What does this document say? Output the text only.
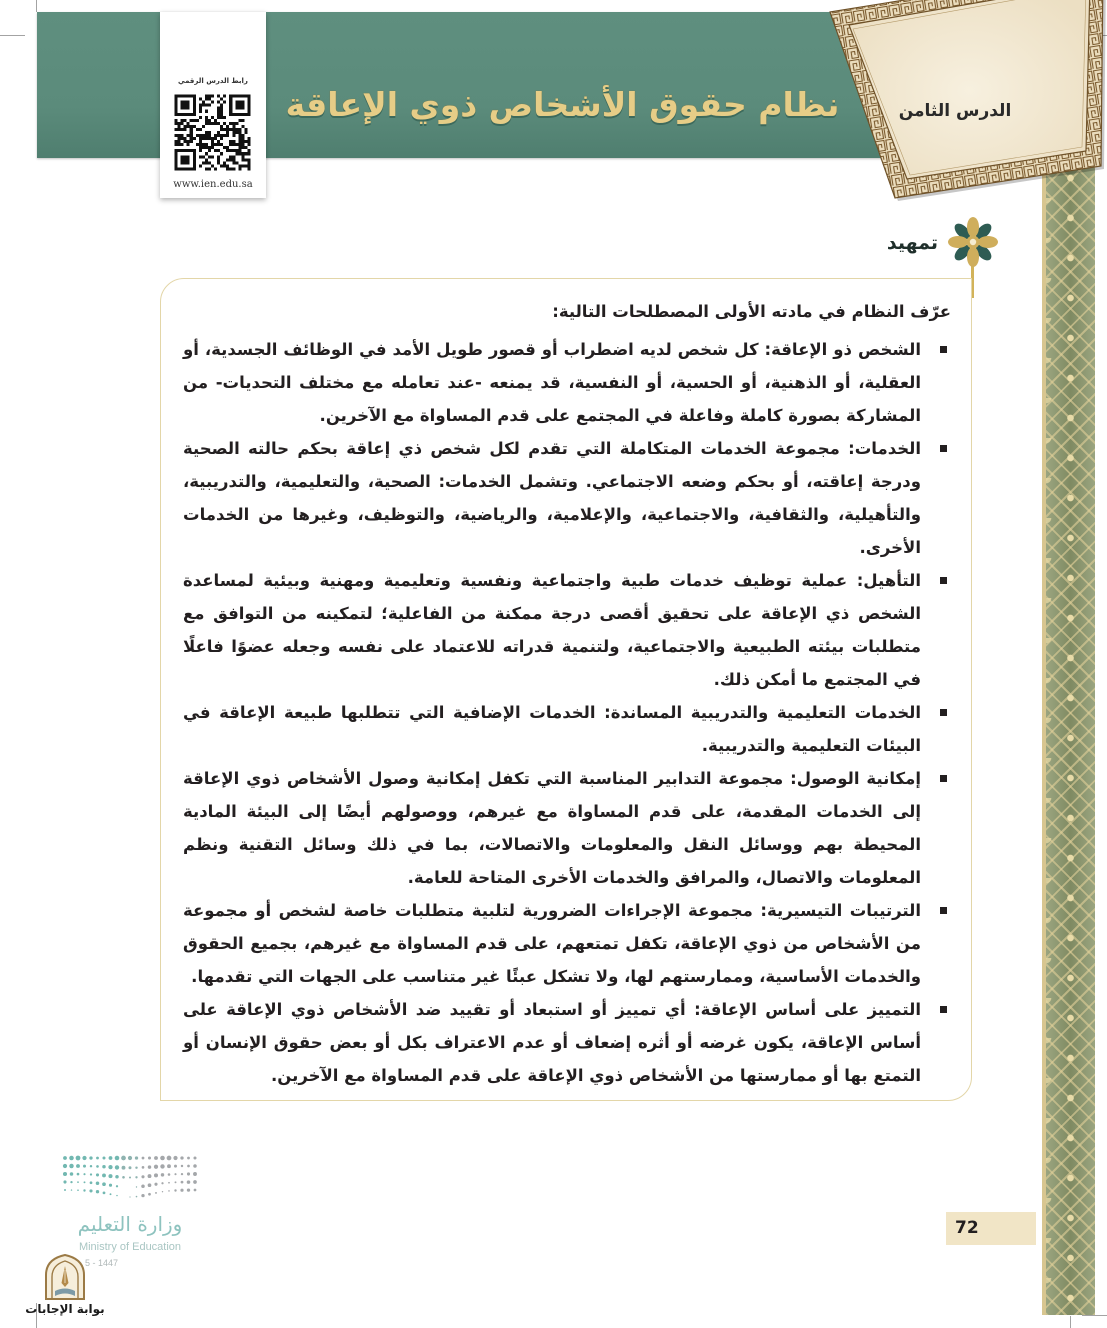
نظام حقوق الأشخاص ذوي الإعاقة
رابط الدرس الرقمي
www.ien.edu.sa
الدرس الثامن
تمهيد
عرّف النظام في مادته الأولى المصطلحات التالية:
الشخص ذو الإعاقة: كل شخص لديه اضطراب أو قصور طويل الأمد في الوظائف الجسدية، أو العقلية، أو الذهنية، أو الحسية، أو النفسية، قد يمنعه -عند تعامله مع مختلف التحديات- من المشاركة بصورة كاملة وفاعلة في المجتمع على قدم المساواة مع الآخرين.
الخدمات: مجموعة الخدمات المتكاملة التي تقدم لكل شخص ذي إعاقة بحكم حالته الصحية ودرجة إعاقته، أو بحكم وضعه الاجتماعي. وتشمل الخدمات: الصحية، والتعليمية، والتدريبية، والتأهيلية، والثقافية، والاجتماعية، والإعلامية، والرياضية، والتوظيف، وغيرها من الخدمات الأخرى.
التأهيل: عملية توظيف خدمات طبية واجتماعية ونفسية وتعليمية ومهنية وبيئية لمساعدة الشخص ذي الإعاقة على تحقيق أقصى درجة ممكنة من الفاعلية؛ لتمكينه من التوافق مع متطلبات بيئته الطبيعية والاجتماعية، ولتنمية قدراته للاعتماد على نفسه وجعله عضوًا فاعلًا في المجتمع ما أمكن ذلك.
الخدمات التعليمية والتدريبية المساندة: الخدمات الإضافية التي تتطلبها طبيعة الإعاقة في البيئات التعليمية والتدريبية.
إمكانية الوصول: مجموعة التدابير المناسبة التي تكفل إمكانية وصول الأشخاص ذوي الإعاقة إلى الخدمات المقدمة، على قدم المساواة مع غيرهم، ووصولهم أيضًا إلى البيئة المادية المحيطة بهم ووسائل النقل والمعلومات والاتصالات، بما في ذلك وسائل التقنية ونظم المعلومات والاتصال، والمرافق والخدمات الأخرى المتاحة للعامة.
الترتيبات التيسيرية: مجموعة الإجراءات الضرورية لتلبية متطلبات خاصة لشخص أو مجموعة من الأشخاص من ذوي الإعاقة، تكفل تمتعهم، على قدم المساواة مع غيرهم، بجميع الحقوق والخدمات الأساسية، وممارستهم لها، ولا تشكل عبئًا غير متناسب على الجهات التي تقدمها.
التمييز على أساس الإعاقة: أي تمييز أو استبعاد أو تقييد ضد الأشخاص ذوي الإعاقة على أساس الإعاقة، يكون غرضه أو أثره إضعاف أو عدم الاعتراف بكل أو بعض حقوق الإنسان أو التمتع بها أو ممارستها من الأشخاص ذوي الإعاقة على قدم المساواة مع الآخرين.
وزارة التعليم
Ministry of Education
5 - 1447
بوابة الإجابات
72
